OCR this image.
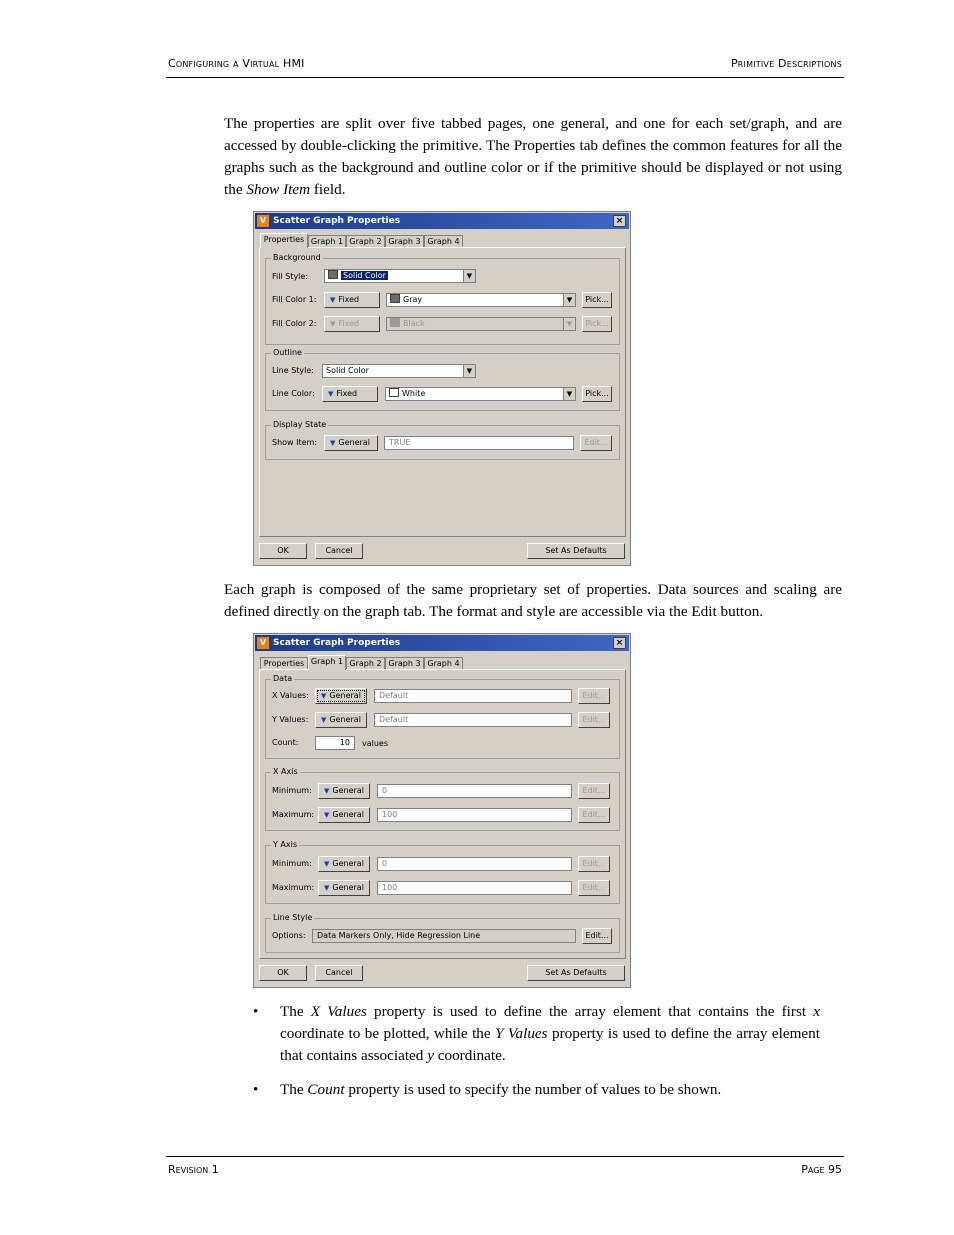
Configuring a Virtual HMI	Primitive Descriptions

The properties are split over five tabbed pages, one general, and one for each set/graph, and are accessed by double-clicking the primitive. The Properties tab defines the common features for all the graphs such as the background and outline color or if the primitive should be displayed or not using the Show Item field.

V Scatter Graph Properties	×
Properties Graph 1 Graph 2 Graph 3 Graph 4
Background
Fill Style:	Solid Color	▼
Fill Color 1:	▼ Fixed	Gray	▼	Pick...
Fill Color 2:	▼ Fixed	Black	▼	Pick...
Outline
Line Style:	Solid Color	▼
Line Color:	▼ Fixed	White	▼	Pick...
Display State
Show Item:	▼ General	TRUE	Edit...
OK	Cancel	Set As Defaults

Each graph is composed of the same proprietary set of properties. Data sources and scaling are defined directly on the graph tab. The format and style are accessible via the Edit button.

V Scatter Graph Properties	×
Properties Graph 1 Graph 2 Graph 3 Graph 4
Data
X Values:	▼ General	Default	Edit...
Y Values:	▼ General	Default	Edit...
Count:	10	values
X Axis
Minimum:	▼ General	0	Edit...
Maximum:	▼ General	100	Edit...
Y Axis
Minimum:	▼ General	0	Edit...
Maximum:	▼ General	100	Edit...
Line Style
Options:	Data Markers Only, Hide Regression Line	Edit...
OK	Cancel	Set As Defaults
• The X Values property is used to define the array element that contains the first x coordinate to be plotted, while the Y Values property is used to define the array element that contains associated y coordinate.
• The Count property is used to specify the number of values to be shown.
Revision 1	Page 95
